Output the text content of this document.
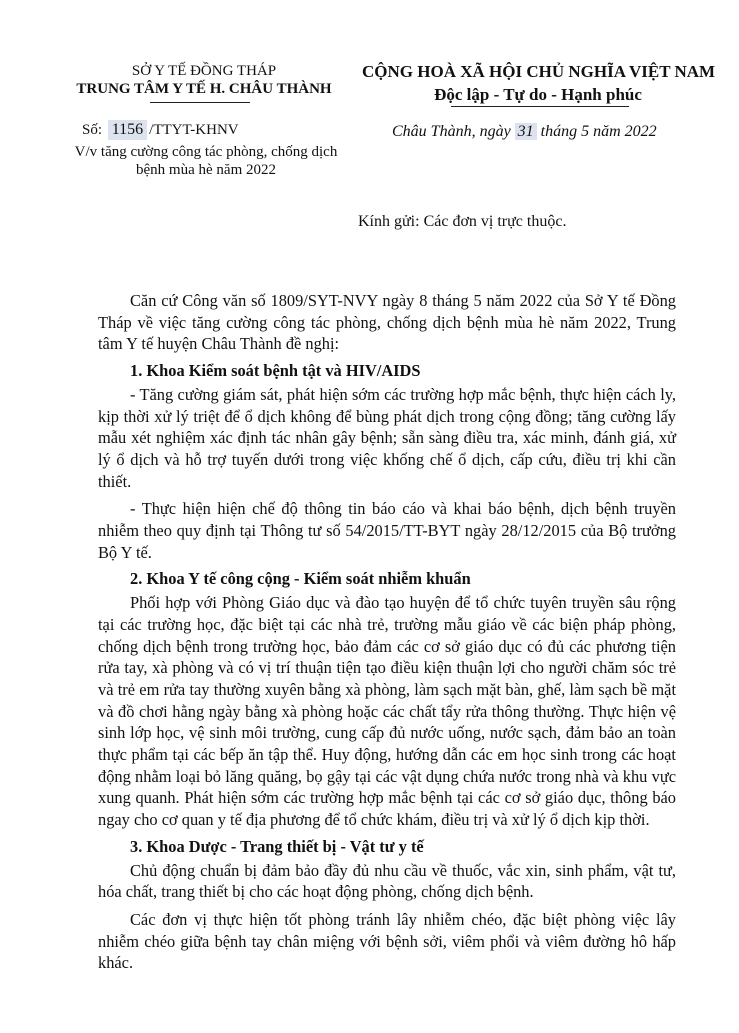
SỞ Y TẾ ĐỒNG THÁP
TRUNG TÂM Y TẾ H. CHÂU THÀNH
CỘNG HOÀ XÃ HỘI CHỦ NGHĨA VIỆT NAM
Độc lập - Tự do - Hạnh phúc
Số: 1156 /TTYT-KHNV
V/v tăng cường công tác phòng, chống dịch
bệnh mùa hè năm 2022
Châu Thành, ngày 31 tháng 5 năm 2022
Kính gửi: Các đơn vị trực thuộc.

Căn cứ Công văn số 1809/SYT-NVY ngày 8 tháng 5 năm 2022 của Sở Y tế Đồng Tháp về việc tăng cường công tác phòng, chống dịch bệnh mùa hè năm 2022, Trung tâm Y tế huyện Châu Thành đề nghị:

1. Khoa Kiểm soát bệnh tật và HIV/AIDS

- Tăng cường giám sát, phát hiện sớm các trường hợp mắc bệnh, thực hiện cách ly, kịp thời xử lý triệt để ổ dịch không để bùng phát dịch trong cộng đồng; tăng cường lấy mẫu xét nghiệm xác định tác nhân gây bệnh; sẵn sàng điều tra, xác minh, đánh giá, xử lý ổ dịch và hỗ trợ tuyến dưới trong việc khống chế ổ dịch, cấp cứu, điều trị khi cần thiết.

- Thực hiện hiện chế độ thông tin báo cáo và khai báo bệnh, dịch bệnh truyền nhiễm theo quy định tại Thông tư số 54/2015/TT-BYT ngày 28/12/2015 của Bộ trưởng Bộ Y tế.

2. Khoa Y tế công cộng - Kiểm soát nhiễm khuẩn

Phối hợp với Phòng Giáo dục và đào tạo huyện để tổ chức tuyên truyền sâu rộng tại các trường học, đặc biệt tại các nhà trẻ, trường mẫu giáo về các biện pháp phòng, chống dịch bệnh trong trường học, bảo đảm các cơ sở giáo dục có đủ các phương tiện rửa tay, xà phòng và có vị trí thuận tiện tạo điều kiện thuận lợi cho người chăm sóc trẻ và trẻ em rửa tay thường xuyên bằng xà phòng, làm sạch mặt bàn, ghế, làm sạch bề mặt và đồ chơi hằng ngày bằng xà phòng hoặc các chất tẩy rửa thông thường. Thực hiện vệ sinh lớp học, vệ sinh môi trường, cung cấp đủ nước uống, nước sạch, đảm bảo an toàn thực phẩm tại các bếp ăn tập thể. Huy động, hướng dẫn các em học sinh trong các hoạt động nhằm loại bỏ lăng quăng, bọ gậy tại các vật dụng chứa nước trong nhà và khu vực xung quanh. Phát hiện sớm các trường hợp mắc bệnh tại các cơ sở giáo dục, thông báo ngay cho cơ quan y tế địa phương để tổ chức khám, điều trị và xử lý ổ dịch kịp thời.

3. Khoa Dược - Trang thiết bị - Vật tư y tế

Chủ động chuẩn bị đảm bảo đầy đủ nhu cầu về thuốc, vắc xin, sinh phẩm, vật tư, hóa chất, trang thiết bị cho các hoạt động phòng, chống dịch bệnh.

Các đơn vị thực hiện tốt phòng tránh lây nhiễm chéo, đặc biệt phòng việc lây nhiễm chéo giữa bệnh tay chân miệng với bệnh sởi, viêm phổi và viêm đường hô hấp khác.
